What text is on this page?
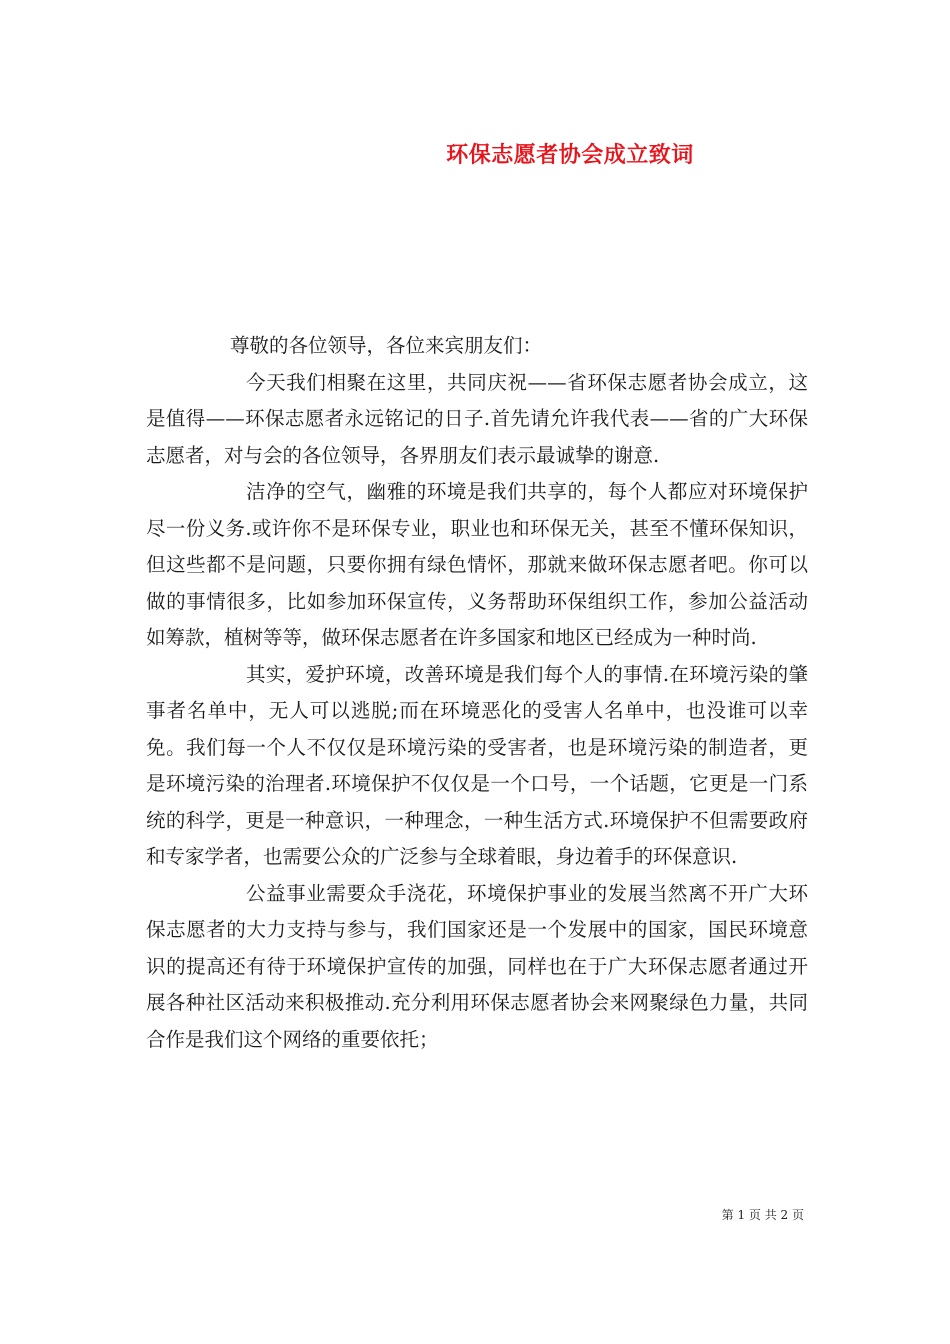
环保志愿者协会成立致词

尊敬的各位领导，各位来宾朋友们：

今天我们相聚在这里，共同庆祝——省环保志愿者协会成立，这是值得——环保志愿者永远铭记的日子.首先请允许我代表——省的广大环保志愿者，对与会的各位领导，各界朋友们表示最诚挚的谢意.

洁净的空气，幽雅的环境是我们共享的，每个人都应对环境保护尽一份义务.或许你不是环保专业，职业也和环保无关，甚至不懂环保知识，但这些都不是问题，只要你拥有绿色情怀，那就来做环保志愿者吧。你可以做的事情很多，比如参加环保宣传，义务帮助环保组织工作，参加公益活动如筹款，植树等等，做环保志愿者在许多国家和地区已经成为一种时尚.

其实，爱护环境，改善环境是我们每个人的事情.在环境污染的肇事者名单中，无人可以逃脱;而在环境恶化的受害人名单中，也没谁可以幸免。我们每一个人不仅仅是环境污染的受害者，也是环境污染的制造者，更是环境污染的治理者.环境保护不仅仅是一个口号，一个话题，它更是一门系统的科学，更是一种意识，一种理念，一种生活方式.环境保护不但需要政府和专家学者，也需要公众的广泛参与全球着眼，身边着手的环保意识.

公益事业需要众手浇花，环境保护事业的发展当然离不开广大环保志愿者的大力支持与参与，我们国家还是一个发展中的国家，国民环境意识的提高还有待于环境保护宣传的加强，同样也在于广大环保志愿者通过开展各种社区活动来积极推动.充分利用环保志愿者协会来网聚绿色力量，共同合作是我们这个网络的重要依托；

第 1 页 共 2 页
